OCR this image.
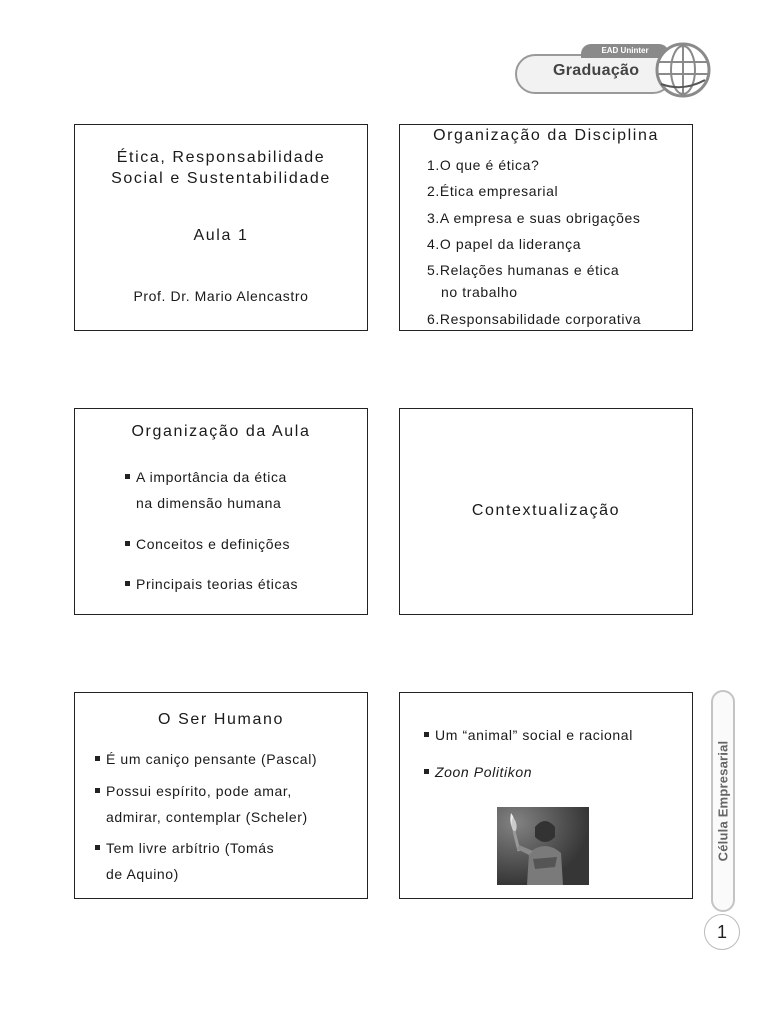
EAD Uninter
Graduação
Ética, Responsabilidade
Social e Sustentabilidade
Aula 1
Prof. Dr. Mario Alencastro
Organização da Disciplina
1.O que é ética?
2.Ética empresarial
3.A empresa e suas obrigações
4.O papel da liderança
5.Relações humanas e ética
no trabalho
6.Responsabilidade corporativa
Organização da Aula
A importância da ética
na dimensão humana
Conceitos e definições
Principais teorias éticas
Contextualização
O Ser Humano
É um caniço pensante (Pascal)
Possui espírito, pode amar,
admirar, contemplar (Scheler)
Tem livre arbítrio (Tomás
de Aquino)
Um “animal” social e racional
Zoon Politikon	Célula Empresarial
1
